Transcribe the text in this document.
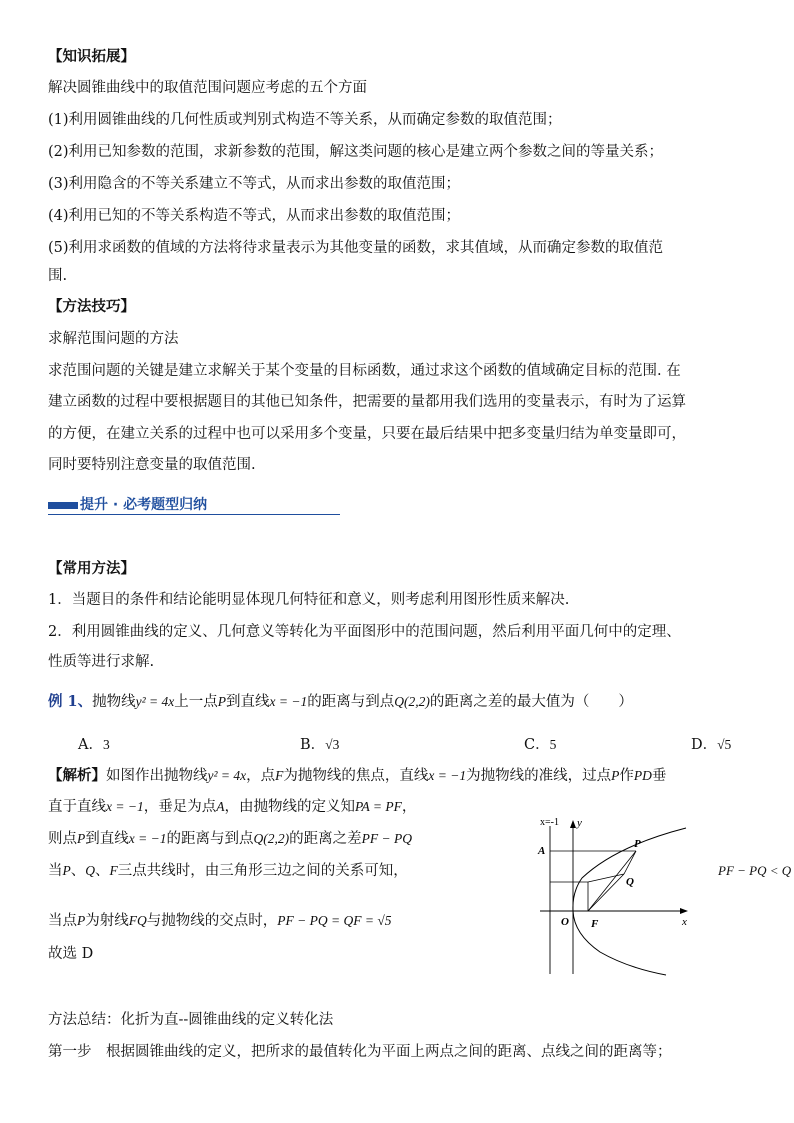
【知识拓展】
解决圆锥曲线中的取值范围问题应考虑的五个方面
(1)利用圆锥曲线的几何性质或判别式构造不等关系，从而确定参数的取值范围；
(2)利用已知参数的范围，求新参数的范围，解这类问题的核心是建立两个参数之间的等量关系；
(3)利用隐含的不等关系建立不等式，从而求出参数的取值范围；
(4)利用已知的不等关系构造不等式，从而求出参数的取值范围；
(5)利用求函数的值域的方法将待求量表示为其他变量的函数，求其值域，从而确定参数的取值范
围.
【方法技巧】
求解范围问题的方法
求范围问题的关键是建立求解关于某个变量的目标函数，通过求这个函数的值域确定目标的范围. 在
建立函数的过程中要根据题目的其他已知条件，把需要的量都用我们选用的变量表示，有时为了运算
的方便，在建立关系的过程中也可以采用多个变量，只要在最后结果中把多变量归结为单变量即可，
同时要特别注意变量的取值范围.
提升 · 必考题型归纳
【常用方法】
1．当题目的条件和结论能明显体现几何特征和意义，则考虑利用图形性质来解决.
2．利用圆锥曲线的定义、几何意义等转化为平面图形中的范围问题，然后利用平面几何中的定理、
性质等进行求解.
例 1、抛物线y² = 4x上一点P到直线x = −1的距离与到点Q(2,2)的距离之差的最大值为（　　）
A．3	B．√3	C．5	D．√5
【解析】如图作出抛物线y² = 4x，点F为抛物线的焦点，直线x = −1为抛物线的准线，过点P作PD垂
直于直线x = −1，垂足为点A，由抛物线的定义知PA = PF，
则点P到直线x = −1的距离与到点Q(2,2)的距离之差PF − PQ
当P、Q、F三点共线时，由三角形三边之间的关系可知，	PF − PQ < Q
当点P为射线FQ与抛物线的交点时，PF − PQ = QF = √5
故选 D
x=-1 y
x
O
A
P
Q
F
方法总结：化折为直--圆锥曲线的定义转化法
第一步　根据圆锥曲线的定义，把所求的最值转化为平面上两点之间的距离、点线之间的距离等；
